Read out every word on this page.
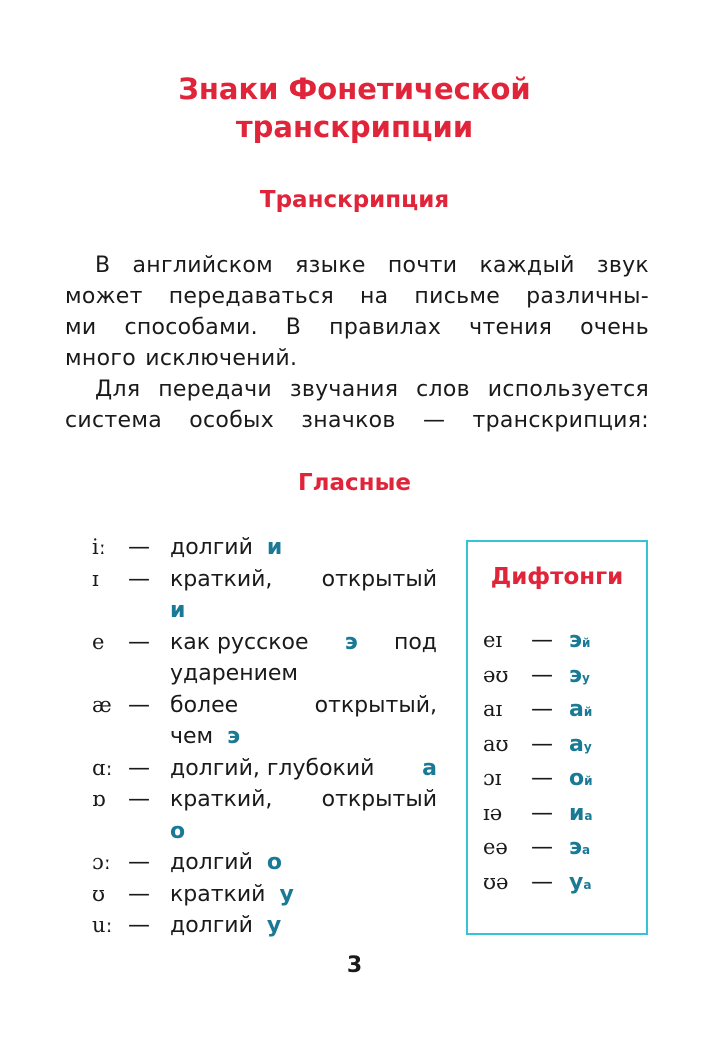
Знаки Фонетической
транскрипции
Транскрипция

В английском языке почти каждый звук
может передаваться на письме различны-
ми способами. В правилах чтения очень
много исключений.

Для передачи звучания слов используется
система особых значков — транскрипция:

Гласные
iː	— долгий и
ɪ	— краткий, открытый
и
e	— как русское э под
ударением
æ — более открытый,
чем
э
ɑː — долгий, глубокий а
ɒ	— краткий, открытый
о
ɔː — долгий о
ʊ	— краткий у
uː — долгий у
Дифтонги
eɪ	— э й
əʊ	— э у
aɪ	— а й
aʊ	— а у
ɔɪ	— о й
ɪə	— и а
eə	— э а
ʊə	— у а

3
